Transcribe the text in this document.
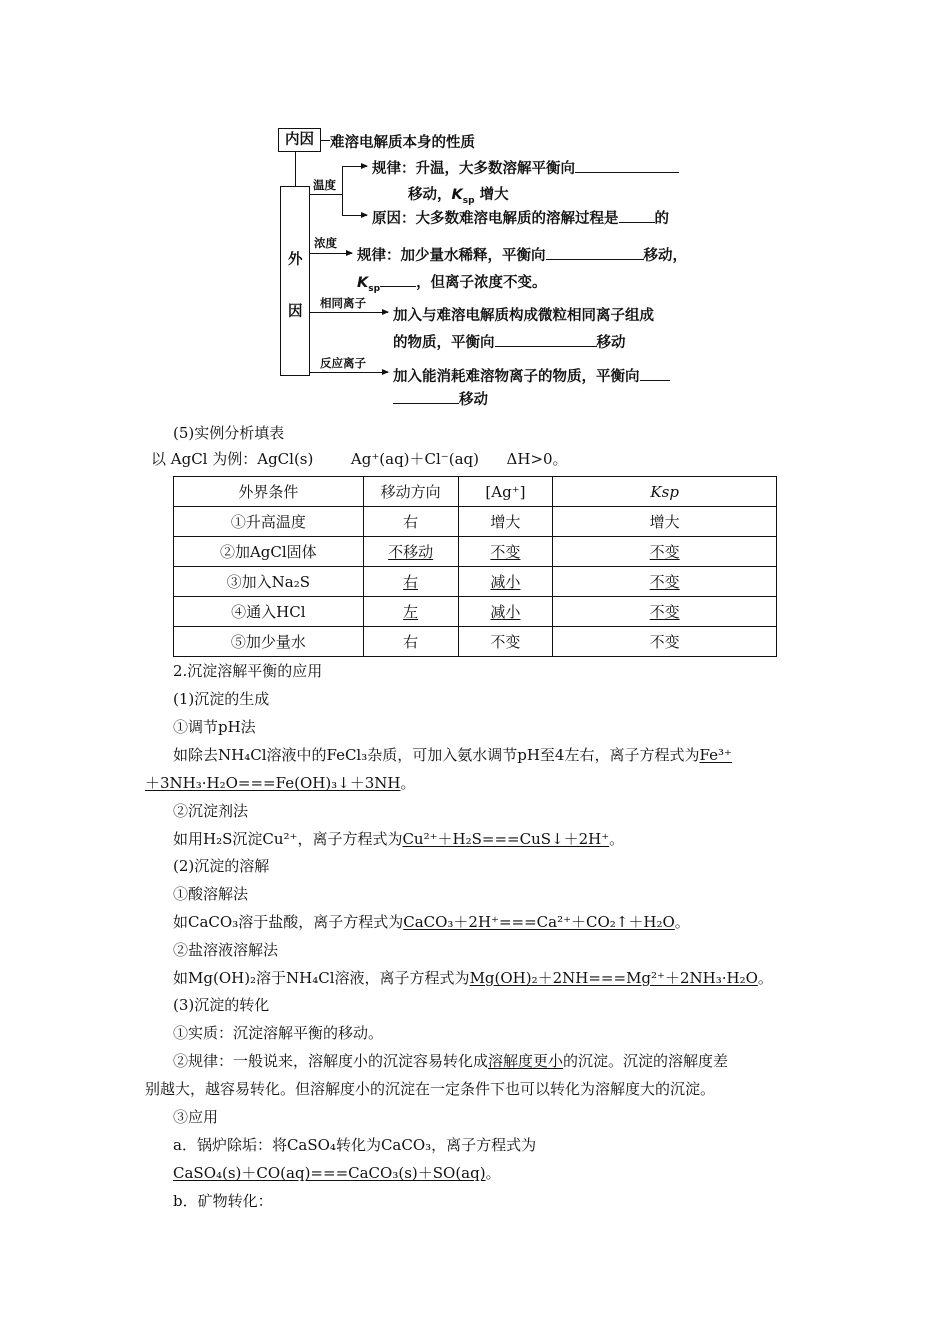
内因	难溶电解质本身的性质
外
因
温度
规律：升温，大多数溶解平衡向
移动，$K_{sp}$ 增大
原因：大多数难溶电解质的溶解过程是 的
浓度
规律：加少量水稀释，平衡向	移动，
$K_{sp}$ ，但离子浓度不变。
相同离子
加入与难溶电解质构成微粒相同离子组成
的物质，平衡向	移动
反应离子
加入能消耗难溶物离子的物质，平衡向
移动
(5)实例分析填表
以 AgCl 为例：AgCl(s)	Ag⁺(aq)＋Cl⁻(aq) ΔH>0。
外界条件	移动方向	[Ag⁺]	Ksp
①升高温度	右	增大	增大
②加AgCl固体	不移动	不变	不变
③加入Na₂S	右	减小	不变
④通入HCl	左	减小	不变
⑤加少量水	右	不变	不变
2.沉淀溶解平衡的应用
(1)沉淀的生成
①调节pH法
如除去NH₄Cl溶液中的FeCl₃杂质，可加入氨水调节pH至4左右，离子方程式为Fe³⁺
＋3NH₃·H₂O===Fe(OH)₃↓＋3NH。
②沉淀剂法
如用H₂S沉淀Cu²⁺，离子方程式为Cu²⁺＋H₂S===CuS↓＋2H⁺。
(2)沉淀的溶解
①酸溶解法
如CaCO₃溶于盐酸，离子方程式为CaCO₃＋2H⁺===Ca²⁺＋CO₂↑＋H₂O。
②盐溶液溶解法
如Mg(OH)₂溶于NH₄Cl溶液，离子方程式为Mg(OH)₂＋2NH===Mg²⁺＋2NH₃·H₂O。
(3)沉淀的转化
①实质：沉淀溶解平衡的移动。
②规律：一般说来，溶解度小的沉淀容易转化成溶解度更小的沉淀。沉淀的溶解度差
别越大，越容易转化。但溶解度小的沉淀在一定条件下也可以转化为溶解度大的沉淀。
③应用
a．锅炉除垢：将CaSO₄转化为CaCO₃，离子方程式为
CaSO₄(s)＋CO(aq)===CaCO₃(s)＋SO(aq)。
b．矿物转化：
